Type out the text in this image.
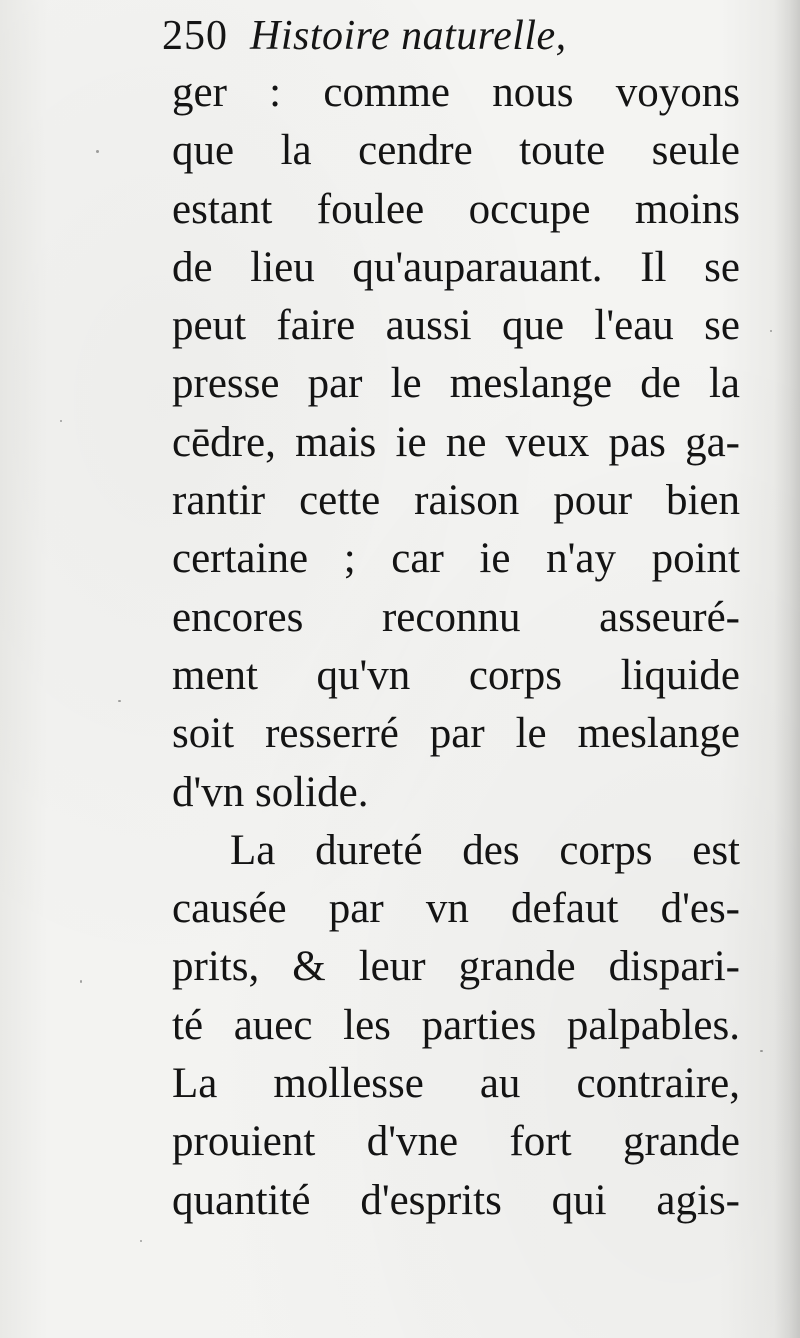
250 Histoire naturelle,
ger : comme nous voyons
que la cendre toute seule
estant foulee occupe moins
de lieu qu'auparauant. Il se
peut faire aussi que l'eau se
presse par le meslange de la
cēdre, mais ie ne veux pas ga-
rantir cette raison pour bien
certaine ; car ie n'ay point
encores reconnu asseuré-
ment qu'vn corps liquide
soit resserré par le meslange
d'vn solide.
La dureté des corps est
causée par vn defaut d'es-
prits, & leur grande dispari-
té auec les parties palpables.
La mollesse au contraire,
prouient d'vne fort grande
quantité d'esprits qui agis-
